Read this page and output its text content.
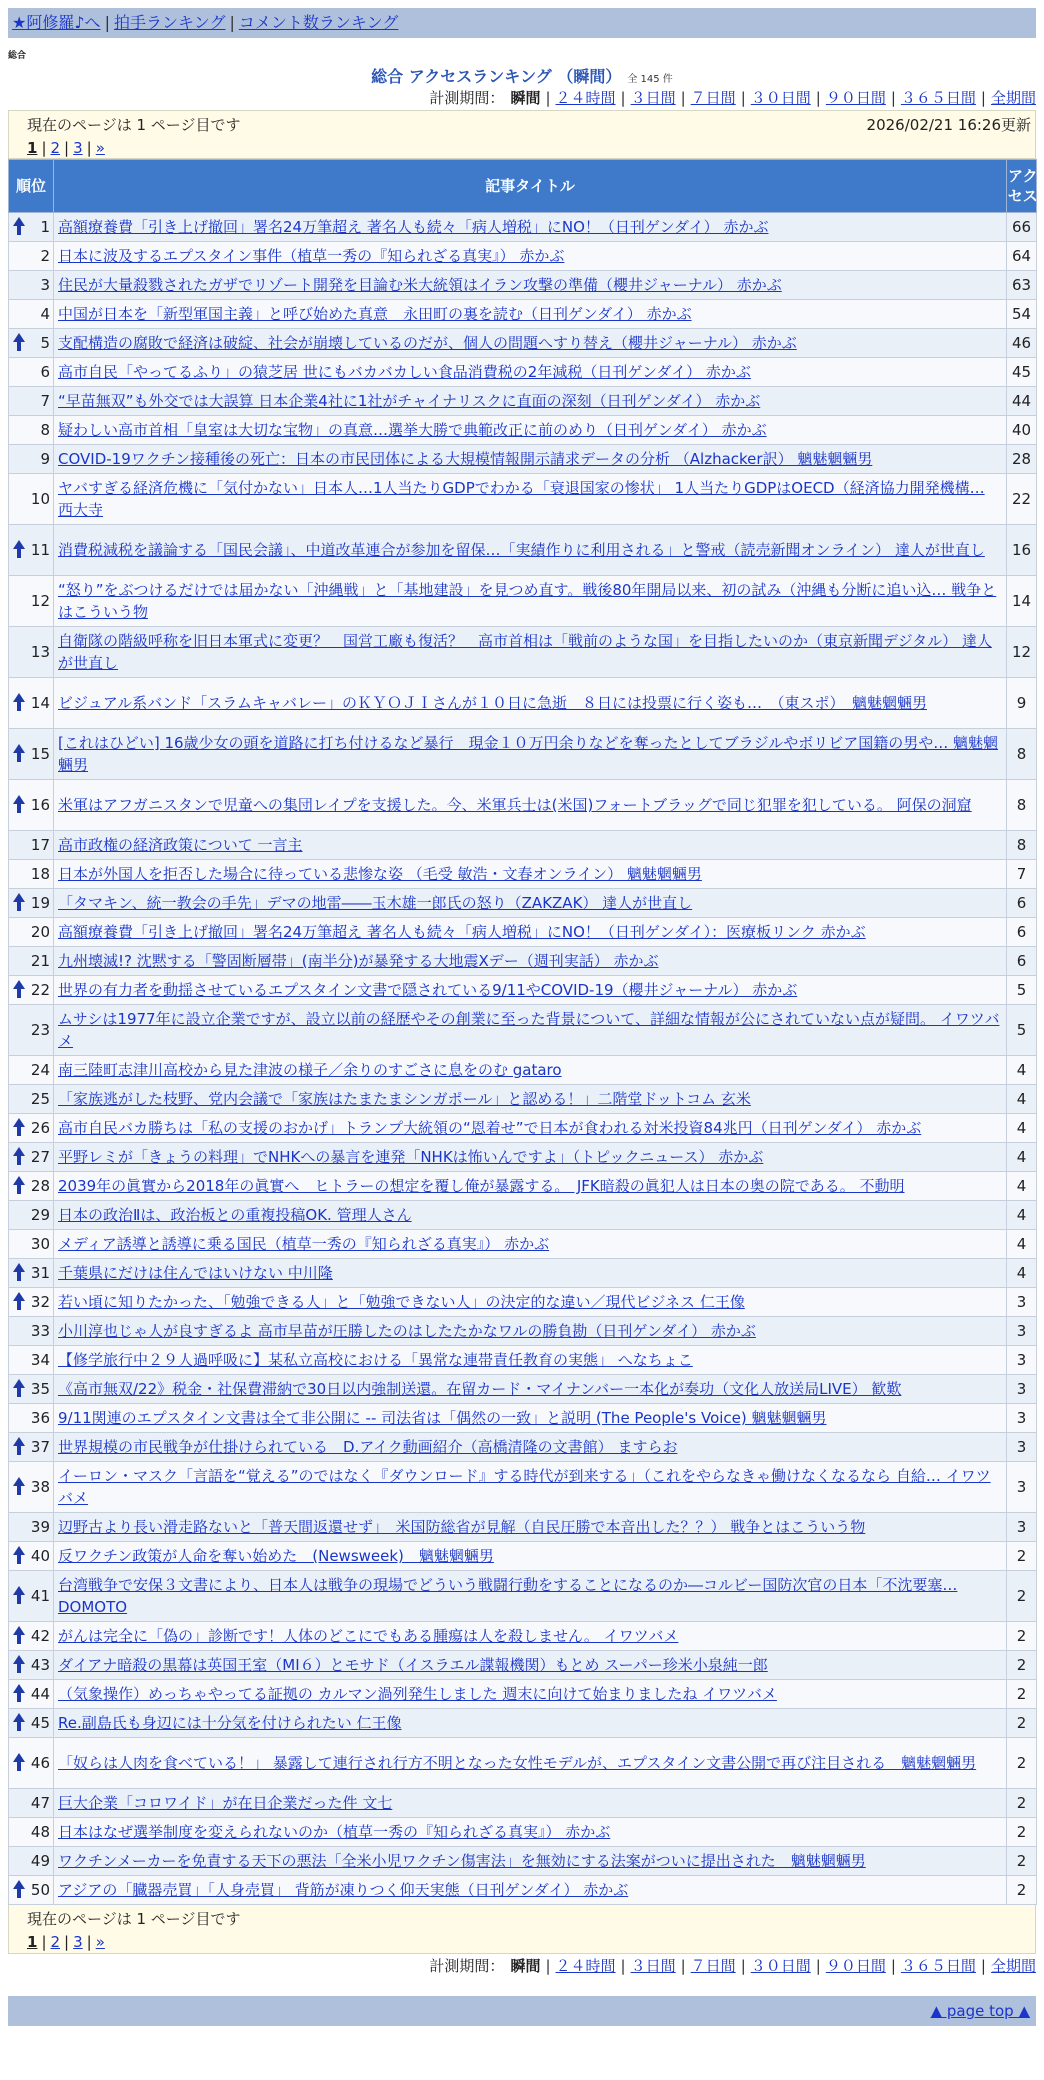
★阿修羅♪へ | 拍手ランキング | コメント数ランキング
総合
総合 アクセスランキング （瞬間） 全 145 件
計測期間： 瞬間 | ２４時間 | ３日間 | ７日間 | ３０日間 | ９０日間 | ３６５日間 | 全期間
現在のページは 1 ページ目です	2026/02/21 16:26更新
1 | 2 | 3 | »
順位	記事タイトル	アクセス

1	高額療養費「引き上げ撤回」署名24万筆超え 著名人も続々「病人増税」にNO！（日刊ゲンダイ） 赤かぶ	66
2	日本に波及するエプスタイン事件（植草一秀の『知られざる真実』） 赤かぶ	64
3	住民が大量殺戮されたガザでリゾート開発を目論む米大統領はイラン攻撃の準備（櫻井ジャーナル） 赤かぶ	63
4	中国が日本を「新型軍国主義」と呼び始めた真意　永田町の裏を読む（日刊ゲンダイ） 赤かぶ	54

5	支配構造の腐敗で経済は破綻、社会が崩壊しているのだが、個人の問題へすり替え（櫻井ジャーナル） 赤かぶ	46
6	高市自民「やってるふり」の猿芝居 世にもバカバカしい食品消費税の2年減税（日刊ゲンダイ） 赤かぶ	45
7	“早苗無双”も外交では大誤算 日本企業4社に1社がチャイナリスクに直面の深刻（日刊ゲンダイ） 赤かぶ	44
8	疑わしい高市首相「皇室は大切な宝物」の真意…選挙大勝で典範改正に前のめり（日刊ゲンダイ） 赤かぶ	40
9	COVID-19ワクチン接種後の死亡：日本の市民団体による大規模情報開示請求データの分析 （Alzhacker訳） 魑魅魍魎男	28
10	ヤバすぎる経済危機に「気付かない」日本人…1人当たりGDPでわかる「衰退国家の惨状」 1人当たりGDPはOECD（経済協力開発機構… 西大寺	22

11	消費税減税を議論する「国民会議」、中道改革連合が参加を留保…「実績作りに利用される」と警戒（読売新聞オンライン） 達人が世直し	16
12	“怒り”をぶつけるだけでは届かない「沖縄戦」と「基地建設」を見つめ直す。戦後80年開局以来、初の試み（沖縄も分断に追い込… 戦争とはこういう物	14
13	自衛隊の階級呼称を旧日本軍式に変更？　国営工廠も復活？　高市首相は「戦前のような国」を目指したいのか（東京新聞デジタル） 達人が世直し	12

14	ビジュアル系バンド「スラムキャバレー」のＫＹＯＪＩさんが１０日に急逝　８日には投票に行く姿も…　（東スポ）　魑魅魍魎男	9

15	[これはひどい] 16歳少女の頭を道路に打ち付けるなど暴行　現金１０万円余りなどを奪ったとしてブラジルやボリビア国籍の男や… 魑魅魍魎男	8

16	米軍はアフガニスタンで児童への集団レイプを支援した。今、米軍兵士は(米国)フォートブラッグで同じ犯罪を犯している。 阿保の洞窟	8
17	高市政権の経済政策について 一言主	8
18	日本が外国人を拒否した場合に待っている悲惨な姿 （毛受 敏浩・文春オンライン） 魑魅魍魎男	7

19	「タマキン、統一教会の手先」デマの地雷――玉木雄一郎氏の怒り（ZAKZAK） 達人が世直し	6
20	高額療養費「引き上げ撤回」署名24万筆超え 著名人も続々「病人増税」にNO！（日刊ゲンダイ）：医療板リンク 赤かぶ	6
21	九州壊滅!? 沈黙する「警固断層帯」(南半分)が暴発する大地震Xデー（週刊実話） 赤かぶ	6

22	世界の有力者を動揺させているエプスタイン文書で隠されている9/11やCOVID-19（櫻井ジャーナル） 赤かぶ	5
23	ムサシは1977年に設立企業ですが、設立以前の経歴やその創業に至った背景について、詳細な情報が公にされていない点が疑問。 イワツバメ	5
24	南三陸町志津川高校から見た津波の様子／余りのすごさに息をのむ gataro	4
25	「家族逃がした枝野、党内会議で「家族はたまたまシンガポール」と認める！」二階堂ドットコム 玄米	4

26	高市自民バカ勝ちは「私の支援のおかげ」トランプ大統領の“恩着せ”で日本が食われる対米投資84兆円（日刊ゲンダイ） 赤かぶ	4

27	平野レミが「きょうの料理」でNHKへの暴言を連発「NHKは怖いんですよ」（トピックニュース） 赤かぶ	4

28	2039年の眞實から2018年の眞實へ　ヒトラーの想定を覆し俺が暴露する。　JFK暗殺の眞犯人は日本の奥の院である。 不動明	4
29	日本の政治Ⅱは、政治板との重複投稿OK. 管理人さん	4
30	メディア誘導と誘導に乗る国民（植草一秀の『知られざる真実』） 赤かぶ	4

31	千葉県にだけは住んではいけない 中川隆	4

32	若い頃に知りたかった、「勉強できる人」と「勉強できない人」の決定的な違い／現代ビジネス 仁王像	3
33	小川淳也じゃ人が良すぎるよ 高市早苗が圧勝したのはしたたかなワルの勝負勘（日刊ゲンダイ） 赤かぶ	3
34	【修学旅行中２９人過呼吸に】某私立高校における「異常な連帯責任教育の実態」 へなちょこ	3

35	《高市無双/22》税金・社保費滞納で30日以内強制送還。在留カード・マイナンバー一本化が奏功（文化人放送局LIVE） 歓歎	3
36	9/11関連のエプスタイン文書は全て非公開に -- 司法省は「偶然の一致」と説明 (The People's Voice) 魑魅魍魎男	3

37	世界規模の市民戦争が仕掛けられている　D.アイク動画紹介（高橋清隆の文書館） ますらお	3

38	イーロン・マスク「言語を“覚える”のではなく『ダウンロード』する時代が到来する」（これをやらなきゃ働けなくなるなら 自給… イワツバメ	3
39	辺野古より長い滑走路ないと「普天間返還せず」　米国防総省が見解（自民圧勝で本音出した？？） 戦争とはこういう物	3

40	反ワクチン政策が人命を奪い始めた　(Newsweek)　魑魅魍魎男	2

41	台湾戦争で安保３文書により、日本人は戦争の現場でどういう戦闘行動をすることになるのか―コルビー国防次官の日本「不沈要塞… DOMOTO	2

42	がんは完全に「偽の」診断です！人体のどこにでもある腫瘍は人を殺しません。 イワツバメ	2

43	ダイアナ暗殺の黒幕は英国王室（MI６）とモサド（イスラエル諜報機関）もとめ スーパー珍米小泉純一郎	2

44	（気象操作）めっちゃやってる証拠の カルマン渦列発生しました 週末に向けて始まりましたね イワツバメ	2

45	Re.副島氏も身辺には十分気を付けられたい 仁王像	2

46	「奴らは人肉を食べている！」 暴露して連行され行方不明となった女性モデルが、エプスタイン文書公開で再び注目される　魑魅魍魎男	2
47	巨大企業「コロワイド」が在日企業だった件 文七	2
48	日本はなぜ選挙制度を変えられないのか（植草一秀の『知られざる真実』） 赤かぶ	2
49	ワクチンメーカーを免責する天下の悪法「全米小児ワクチン傷害法」を無効にする法案がついに提出された　魑魅魍魎男	2

50	アジアの「臓器売買」「人身売買」 背筋が凍りつく仰天実態（日刊ゲンダイ） 赤かぶ	2
現在のページは 1 ページ目です
1 | 2 | 3 | »
計測期間： 瞬間 | ２４時間 | ３日間 | ７日間 | ３０日間 | ９０日間 | ３６５日間 | 全期間
▲ page top ▲
